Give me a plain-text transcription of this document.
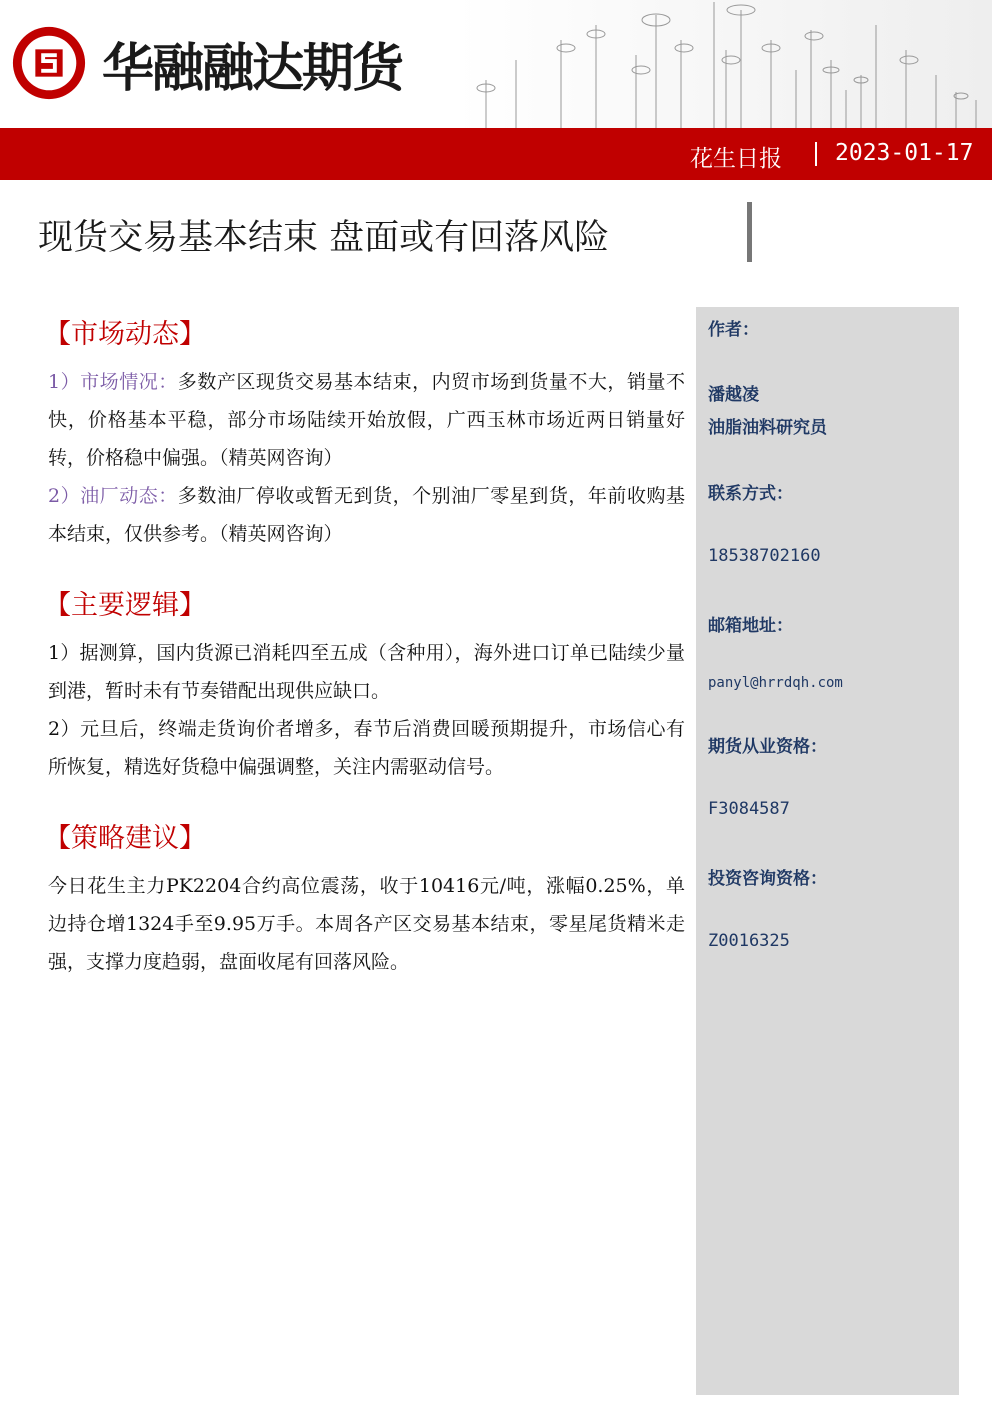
华融融达期货
花生日报 2023-01-17
现货交易基本结束 盘面或有回落风险
【市场动态】

1）市场情况：多数产区现货交易基本结束，内贸市场到货量不大，销量不快，价格基本平稳，部分市场陆续开始放假，广西玉林市场近两日销量好转，价格稳中偏强。（精英网咨询）

2）油厂动态：多数油厂停收或暂无到货，个别油厂零星到货，年前收购基本结束，仅供参考。（精英网咨询）

【主要逻辑】

1）据测算，国内货源已消耗四至五成（含种用），海外进口订单已陆续少量到港，暂时未有节奏错配出现供应缺口。

2）元旦后，终端走货询价者增多，春节后消费回暖预期提升，市场信心有所恢复，精选好货稳中偏强调整，关注内需驱动信号。

【策略建议】

今日花生主力PK2204合约高位震荡，收于10416元/吨，涨幅0.25%，单边持仓增1324手至9.95万手。本周各产区交易基本结束，零星尾货精米走强，支撑力度趋弱，盘面收尾有回落风险。

作者：
潘越凌
油脂油料研究员
联系方式：
18538702160
邮箱地址：
panyl@hrrdqh.com
期货从业资格：
F3084587
投资咨询资格：
Z0016325
